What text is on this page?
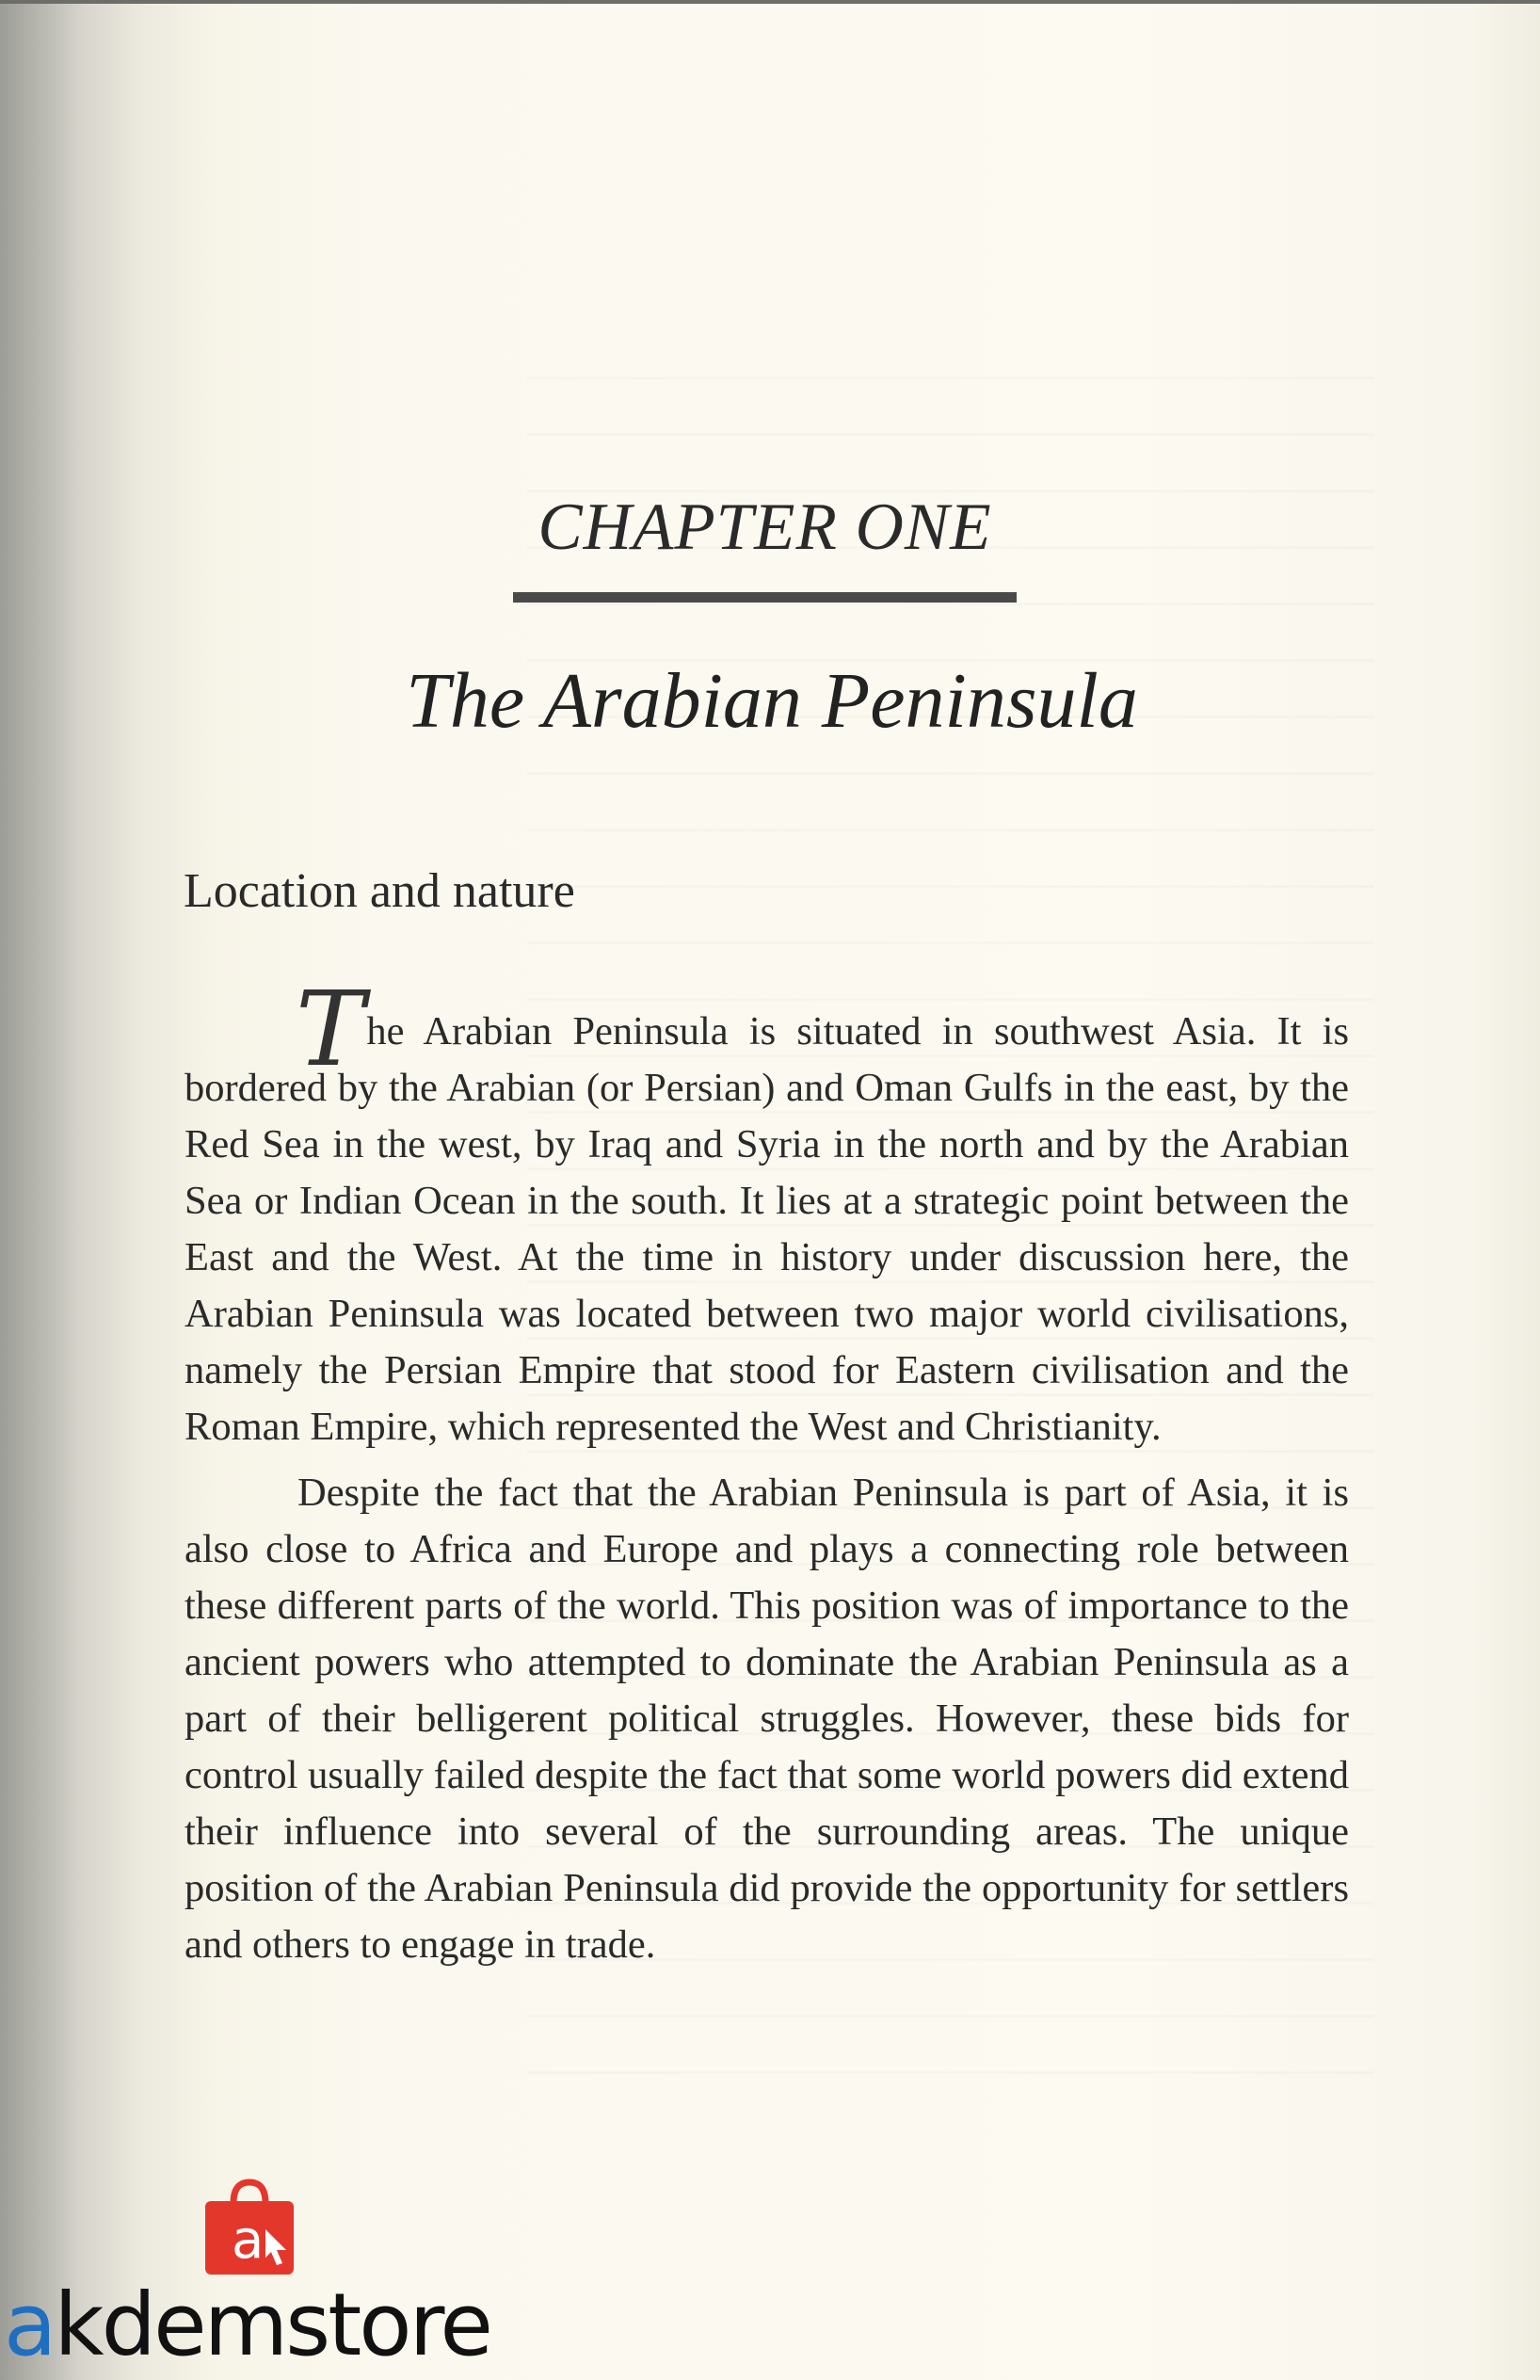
CHAPTER ONE
The Arabian Peninsula
Location and nature

The Arabian Peninsula is situated in southwest Asia. It is bordered by the Arabian (or Persian) and Oman Gulfs in the east, by the Red Sea in the west, by Iraq and Syria in the north and by the Arabian Sea or Indian Ocean in the south. It lies at a strategic point between the East and the West. At the time in history under discussion here, the Arabian Peninsula was located between two major world civilisations, namely the Persian Empire that stood for Eastern civilisation and the Roman Empire, which represented the West and Christianity.

Despite the fact that the Arabian Peninsula is part of Asia, it is also close to Africa and Europe and plays a connecting role between these different parts of the world. This position was of importance to the ancient powers who attempted to dominate the Arabian Peninsula as a part of their belligerent political struggles. However, these bids for control usually failed despite the fact that some world powers did extend their influence into several of the surrounding areas. The unique position of the Arabian Peninsula did provide the opportunity for settlers and others to engage in trade.

a
akdemstore
